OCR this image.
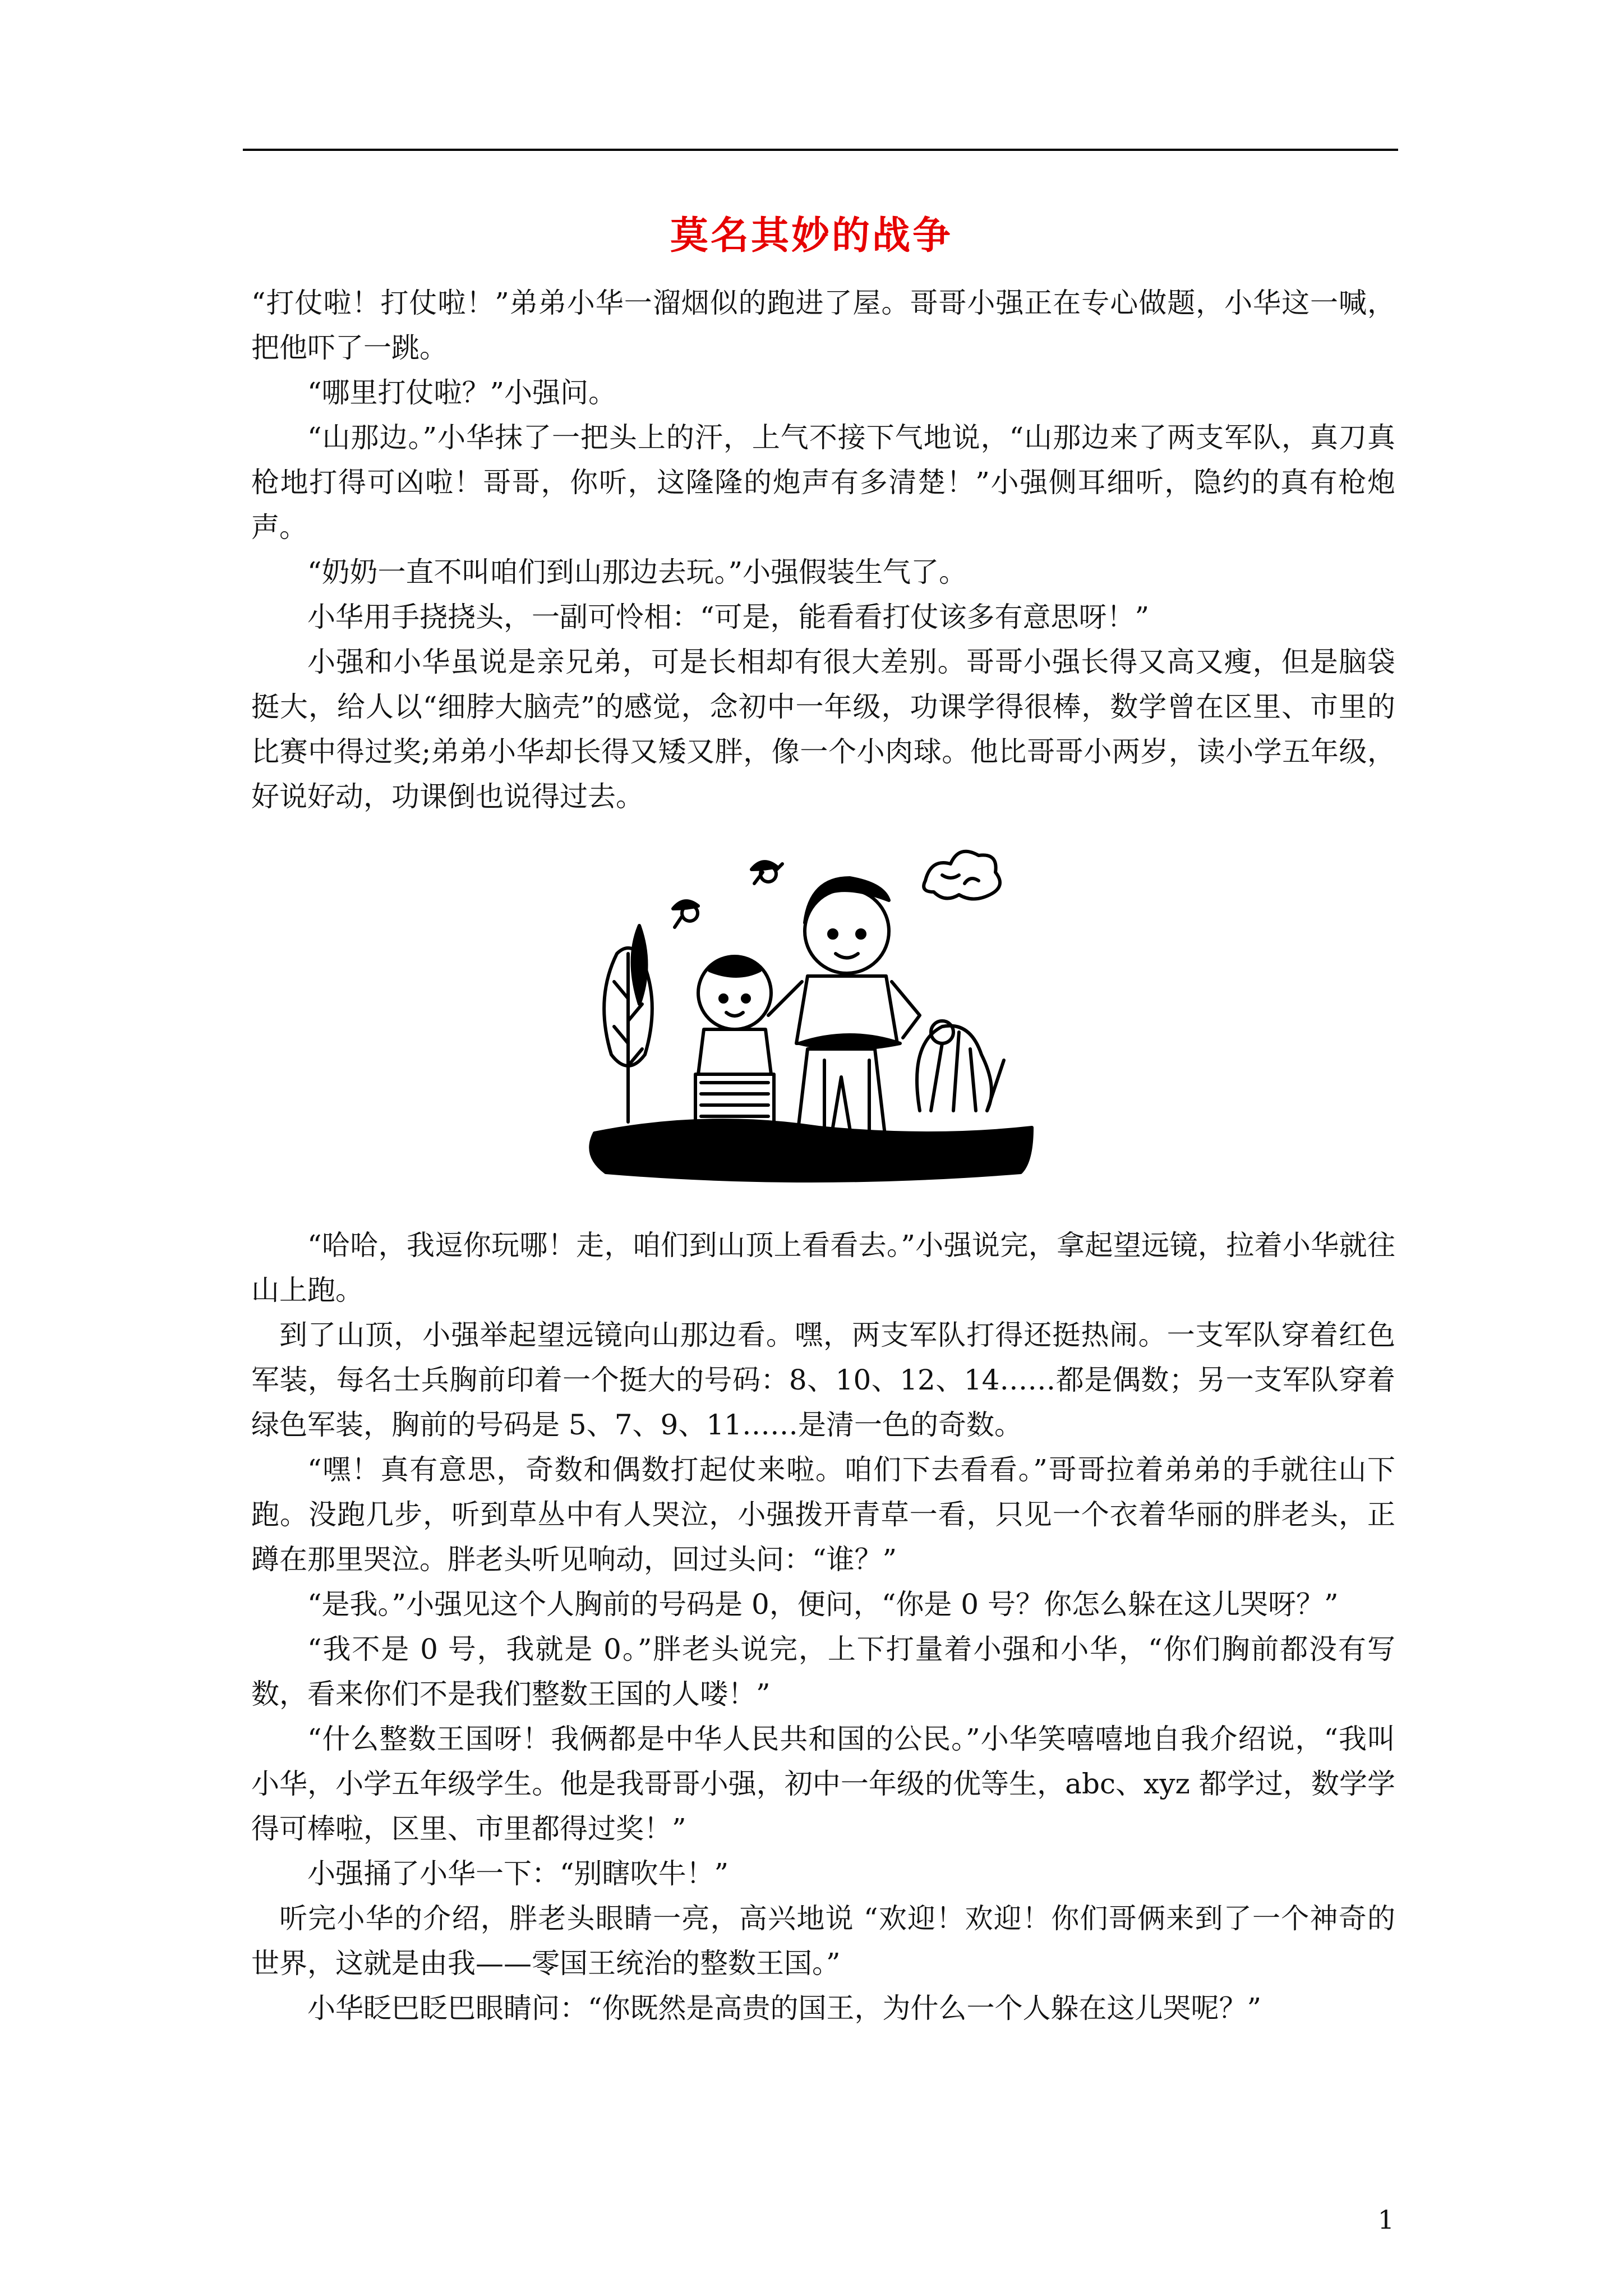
莫名其妙的战争

“打仗啦！打仗啦！”弟弟小华一溜烟似的跑进了屋。哥哥小强正在专心做题，小华这一喊，把他吓了一跳。

“哪里打仗啦？”小强问。

“山那边。”小华抹了一把头上的汗，上气不接下气地说，“山那边来了两支军队，真刀真枪地打得可凶啦！哥哥，你听，这隆隆的炮声有多清楚！”小强侧耳细听，隐约的真有枪炮声。

“奶奶一直不叫咱们到山那边去玩。”小强假装生气了。

小华用手挠挠头，一副可怜相：“可是，能看看打仗该多有意思呀！”

小强和小华虽说是亲兄弟，可是长相却有很大差别。哥哥小强长得又高又瘦，但是脑袋挺大，给人以“细脖大脑壳”的感觉，念初中一年级，功课学得很棒，数学曾在区里、市里的比赛中得过奖;弟弟小华却长得又矮又胖，像一个小肉球。他比哥哥小两岁，读小学五年级，好说好动，功课倒也说得过去。

“哈哈，我逗你玩哪！走，咱们到山顶上看看去。”小强说完，拿起望远镜，拉着小华就往山上跑。

到了山顶，小强举起望远镜向山那边看。嘿，两支军队打得还挺热闹。一支军队穿着红色军装，每名士兵胸前印着一个挺大的号码：8、10、12、14……都是偶数；另一支军队穿着绿色军装，胸前的号码是 5、7、9、11……是清一色的奇数。

“嘿！真有意思，奇数和偶数打起仗来啦。咱们下去看看。”哥哥拉着弟弟的手就往山下跑。没跑几步，听到草丛中有人哭泣，小强拨开青草一看，只见一个衣着华丽的胖老头，正蹲在那里哭泣。胖老头听见响动，回过头问：“谁？”

“是我。”小强见这个人胸前的号码是 0，便问，“你是 0 号？你怎么躲在这儿哭呀？”

“我不是 0 号，我就是 0。”胖老头说完，上下打量着小强和小华，“你们胸前都没有写数，看来你们不是我们整数王国的人喽！”

“什么整数王国呀！我俩都是中华人民共和国的公民。”小华笑嘻嘻地自我介绍说，“我叫小华，小学五年级学生。他是我哥哥小强，初中一年级的优等生，abc、xyz 都学过，数学学得可棒啦，区里、市里都得过奖！”

小强捅了小华一下：“别瞎吹牛！”

听完小华的介绍，胖老头眼睛一亮，高兴地说 “欢迎！欢迎！你们哥俩来到了一个神奇的世界，这就是由我——零国王统治的整数王国。”

小华眨巴眨巴眼睛问：“你既然是高贵的国王，为什么一个人躲在这儿哭呢？”

1
